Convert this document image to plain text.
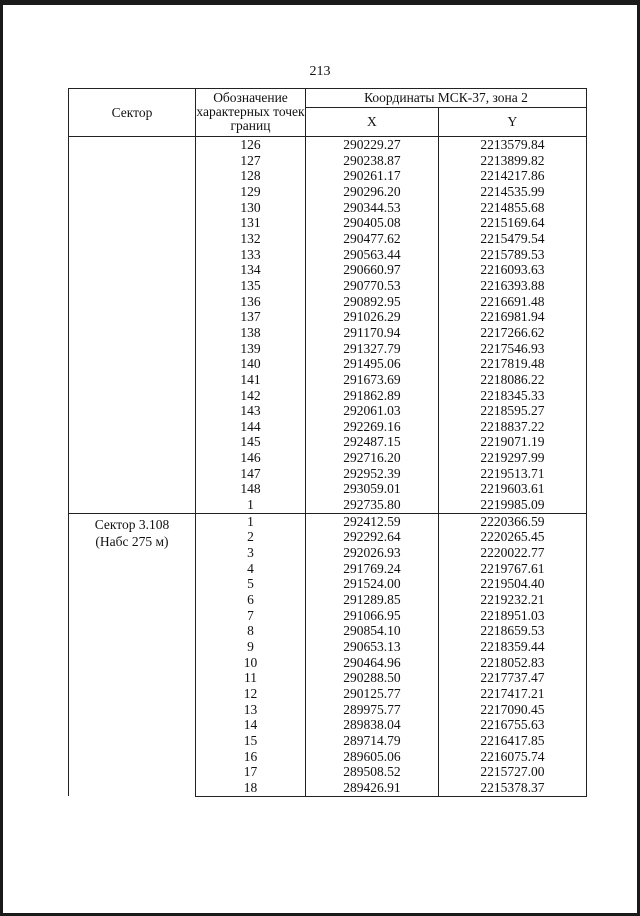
213
Сектор	Обозначение характерных точек границ	Координаты МСК-37, зона 2	
		X	Y
	126	290229.27	2213579.84
	127	290238.87	2213899.82
	128	290261.17	2214217.86
	129	290296.20	2214535.99
	130	290344.53	2214855.68
	131	290405.08	2215169.64
	132	290477.62	2215479.54
	133	290563.44	2215789.53
	134	290660.97	2216093.63
	135	290770.53	2216393.88
	136	290892.95	2216691.48
	137	291026.29	2216981.94
	138	291170.94	2217266.62
	139	291327.79	2217546.93
	140	291495.06	2217819.48
	141	291673.69	2218086.22
	142	291862.89	2218345.33
	143	292061.03	2218595.27
	144	292269.16	2218837.22
	145	292487.15	2219071.19
	146	292716.20	2219297.99
	147	292952.39	2219513.71
	148	293059.01	2219603.61
	1	292735.80	2219985.09
Сектор 3.108
(Набс 275 м)	1	292412.59	2220366.59
	2	292292.64	2220265.45
	3	292026.93	2220022.77
	4	291769.24	2219767.61
	5	291524.00	2219504.40
	6	291289.85	2219232.21
	7	291066.95	2218951.03
	8	290854.10	2218659.53
	9	290653.13	2218359.44
	10	290464.96	2218052.83
	11	290288.50	2217737.47
	12	290125.77	2217417.21
	13	289975.77	2217090.45
	14	289838.04	2216755.63
	15	289714.79	2216417.85
	16	289605.06	2216075.74
	17	289508.52	2215727.00
	18	289426.91	2215378.37
